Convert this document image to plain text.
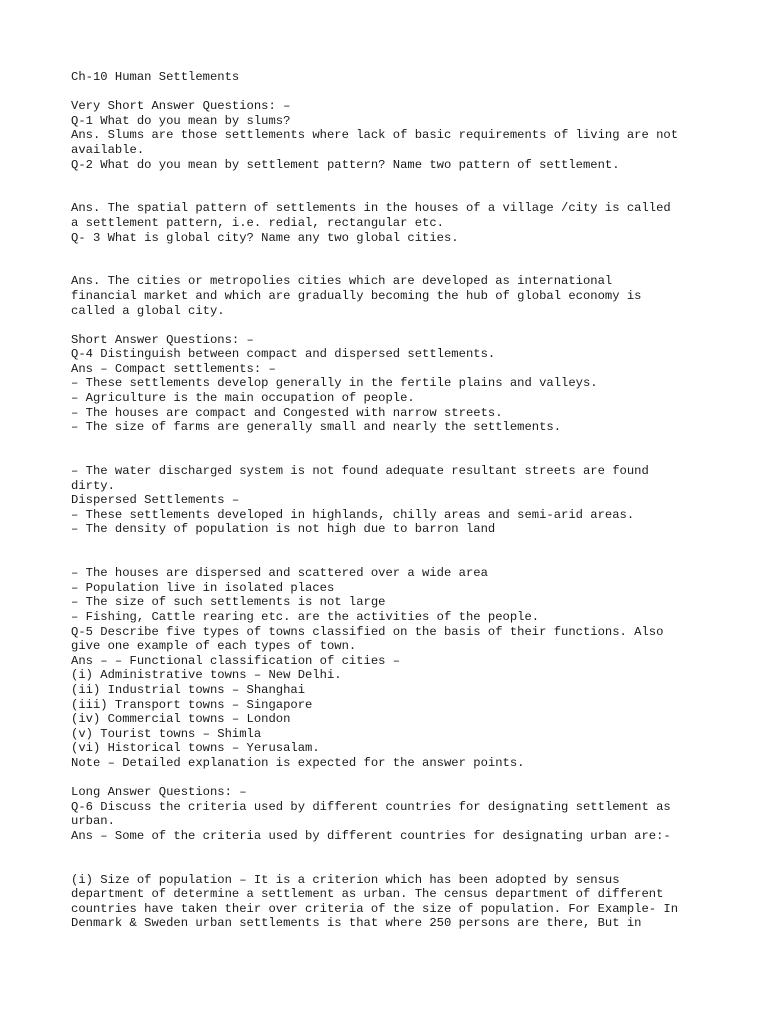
Ch-10 Human Settlements
Very Short Answer Questions: –
Q-1 What do you mean by slums?
Ans. Slums are those settlements where lack of basic requirements of living are not
available.
Q-2 What do you mean by settlement pattern? Name two pattern of settlement.
Ans. The spatial pattern of settlements in the houses of a village /city is called
a settlement pattern, i.e. redial, rectangular etc.
Q- 3 What is global city? Name any two global cities.
Ans. The cities or metropolies cities which are developed as international
financial market and which are gradually becoming the hub of global economy is
called a global city.
Short Answer Questions: –
Q-4 Distinguish between compact and dispersed settlements.
Ans – Compact settlements: –
– These settlements develop generally in the fertile plains and valleys.
– Agriculture is the main occupation of people.
– The houses are compact and Congested with narrow streets.
– The size of farms are generally small and nearly the settlements.
– The water discharged system is not found adequate resultant streets are found
dirty.
Dispersed Settlements –
– These settlements developed in highlands, chilly areas and semi-arid areas.
– The density of population is not high due to barron land
– The houses are dispersed and scattered over a wide area
– Population live in isolated places
– The size of such settlements is not large
– Fishing, Cattle rearing etc. are the activities of the people.
Q-5 Describe five types of towns classified on the basis of their functions. Also
give one example of each types of town.
Ans – – Functional classification of cities –
(i) Administrative towns – New Delhi.
(ii) Industrial towns – Shanghai
(iii) Transport towns – Singapore
(iv) Commercial towns – London
(v) Tourist towns – Shimla
(vi) Historical towns – Yerusalam.
Note – Detailed explanation is expected for the answer points.
Long Answer Questions: –
Q-6 Discuss the criteria used by different countries for designating settlement as
urban.
Ans – Some of the criteria used by different countries for designating urban are:-
(i) Size of population – It is a criterion which has been adopted by sensus
department of determine a settlement as urban. The census department of different
countries have taken their over criteria of the size of population. For Example- In
Denmark & Sweden urban settlements is that where 250 persons are there, But in
